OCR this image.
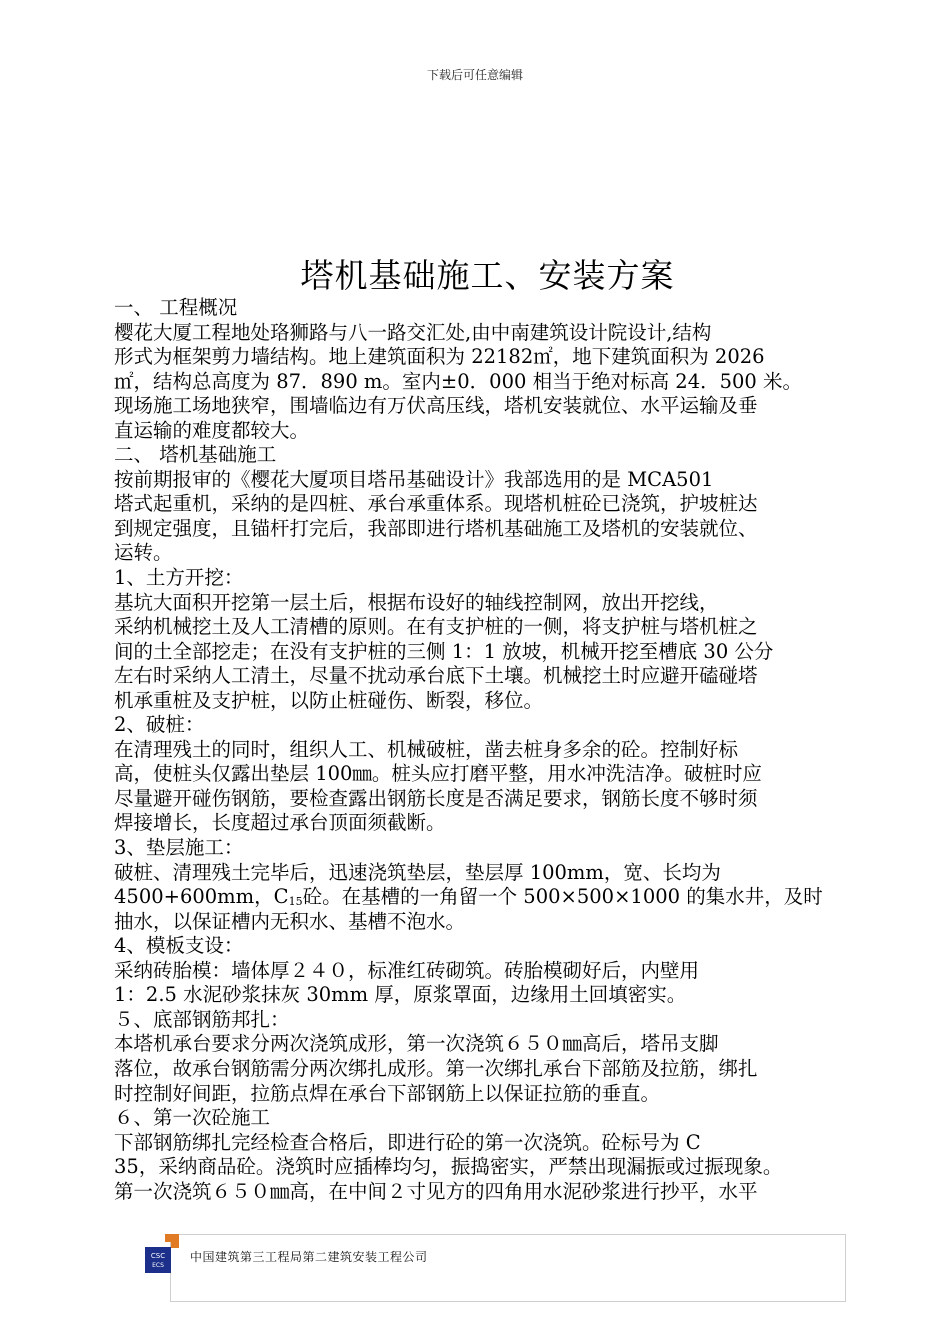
下载后可任意编辑
塔机基础施工、安装方案
一、 工程概况
樱花大厦工程地处珞狮路与八一路交汇处,由中南建筑设计院设计,结构
形式为框架剪力墙结构。地上建筑面积为 22182㎡，地下建筑面积为 2026
㎡，结构总高度为 87．890 m。室内±0．000 相当于绝对标高 24．500 米。
现场施工场地狭窄，围墙临边有万伏高压线，塔机安装就位、水平运输及垂
直运输的难度都较大。
二、 塔机基础施工
按前期报审的《樱花大厦项目塔吊基础设计》我部选用的是 MCA501
塔式起重机，采纳的是四桩、承台承重体系。现塔机桩砼已浇筑，护坡桩达
到规定强度，且锚杆打完后，我部即进行塔机基础施工及塔机的安装就位、
运转。
1、土方开挖：
基坑大面积开挖第一层土后，根据布设好的轴线控制网，放出开挖线，
采纳机械挖土及人工清槽的原则。在有支护桩的一侧，将支护桩与塔机桩之
间的土全部挖走；在没有支护桩的三侧 1：1 放坡，机械开挖至槽底 30 公分
左右时采纳人工清土，尽量不扰动承台底下土壤。机械挖土时应避开磕碰塔
机承重桩及支护桩，以防止桩碰伤、断裂，移位。
2、破桩：
在清理残土的同时，组织人工、机械破桩，凿去桩身多余的砼。控制好标
高，使桩头仅露出垫层 100㎜。桩头应打磨平整，用水冲洗洁净。破桩时应
尽量避开碰伤钢筋，要检查露出钢筋长度是否满足要求，钢筋长度不够时须
焊接增长，长度超过承台顶面须截断。
3、垫层施工：
破桩、清理残土完毕后，迅速浇筑垫层，垫层厚 100mm，宽、长均为
4500+600mm，$C_{15}$砼。在基槽的一角留一个 500×500×1000 的集水井，及时
抽水，以保证槽内无积水、基槽不泡水。
4、模板支设：
采纳砖胎模：墙体厚２４０，标准红砖砌筑。砖胎模砌好后，内壁用
1：2.5 水泥砂浆抹灰 30mm 厚，原浆罩面，边缘用土回填密实。
５、底部钢筋邦扎：
本塔机承台要求分两次浇筑成形，第一次浇筑６５０㎜高后，塔吊支脚
落位，故承台钢筋需分两次绑扎成形。第一次绑扎承台下部筋及拉筋，绑扎
时控制好间距，拉筋点焊在承台下部钢筋上以保证拉筋的垂直。
６、第一次砼施工
下部钢筋绑扎完经检查合格后，即进行砼的第一次浇筑。砼标号为 C
35，采纳商品砼。浇筑时应插棒均匀，振捣密实，严禁出现漏振或过振现象。
第一次浇筑６５０㎜高，在中间２寸见方的四角用水泥砂浆进行抄平，水平
CSC
ECS
中国建筑第三工程局第二建筑安装工程公司
